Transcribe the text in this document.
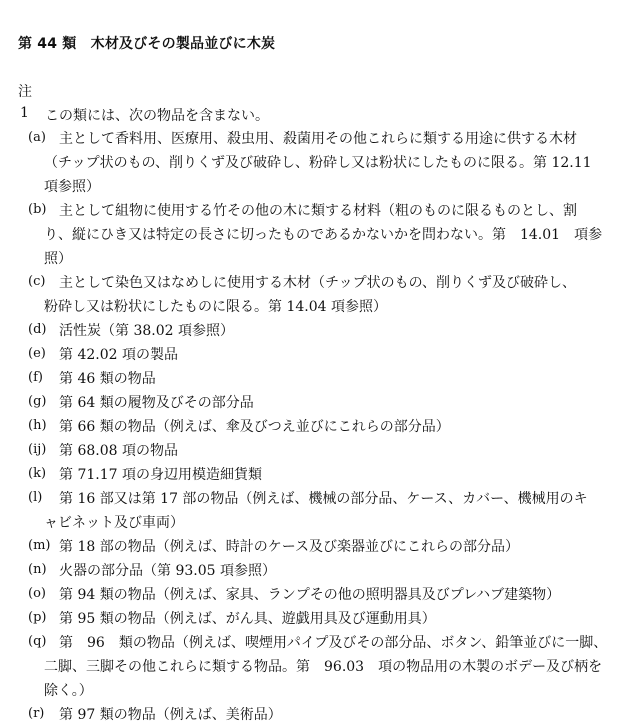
第 44 類　木材及びその製品並びに木炭
注
1 この類には、次の物品を含まない。
(a) 主として香料用、医療用、殺虫用、殺菌用その他これらに類する用途に供する木材
（チップ状のもの、削りくず及び破砕し、粉砕し又は粉状にしたものに限る。第 12.11
項参照）
(b) 主として組物に使用する竹その他の木に類する材料（粗のものに限るものとし、割
り、縦にひき又は特定の長さに切ったものであるかないかを問わない。第　14.01　項参
照）
(c) 主として染色又はなめしに使用する木材（チップ状のもの、削りくず及び破砕し、
粉砕し又は粉状にしたものに限る。第 14.04 項参照）
(d) 活性炭（第 38.02 項参照）
(e) 第 42.02 項の製品
(f) 第 46 類の物品
(g) 第 64 類の履物及びその部分品
(h) 第 66 類の物品（例えば、傘及びつえ並びにこれらの部分品）
(ij) 第 68.08 項の物品
(k) 第 71.17 項の身辺用模造細貨類
(l) 第 16 部又は第 17 部の物品（例えば、機械の部分品、ケース、カバー、機械用のキ
ャビネット及び車両）
(m) 第 18 部の物品（例えば、時計のケース及び楽器並びにこれらの部分品）
(n) 火器の部分品（第 93.05 項参照）
(o) 第 94 類の物品（例えば、家具、ランプその他の照明器具及びプレハブ建築物）
(p) 第 95 類の物品（例えば、がん具、遊戯用具及び運動用具）
(q) 第　96　類の物品（例えば、喫煙用パイプ及びその部分品、ボタン、鉛筆並びに一脚、
二脚、三脚その他これらに類する物品。第　96.03　項の物品用の木製のボデー及び柄を
除く。）
(r) 第 97 類の物品（例えば、美術品）
